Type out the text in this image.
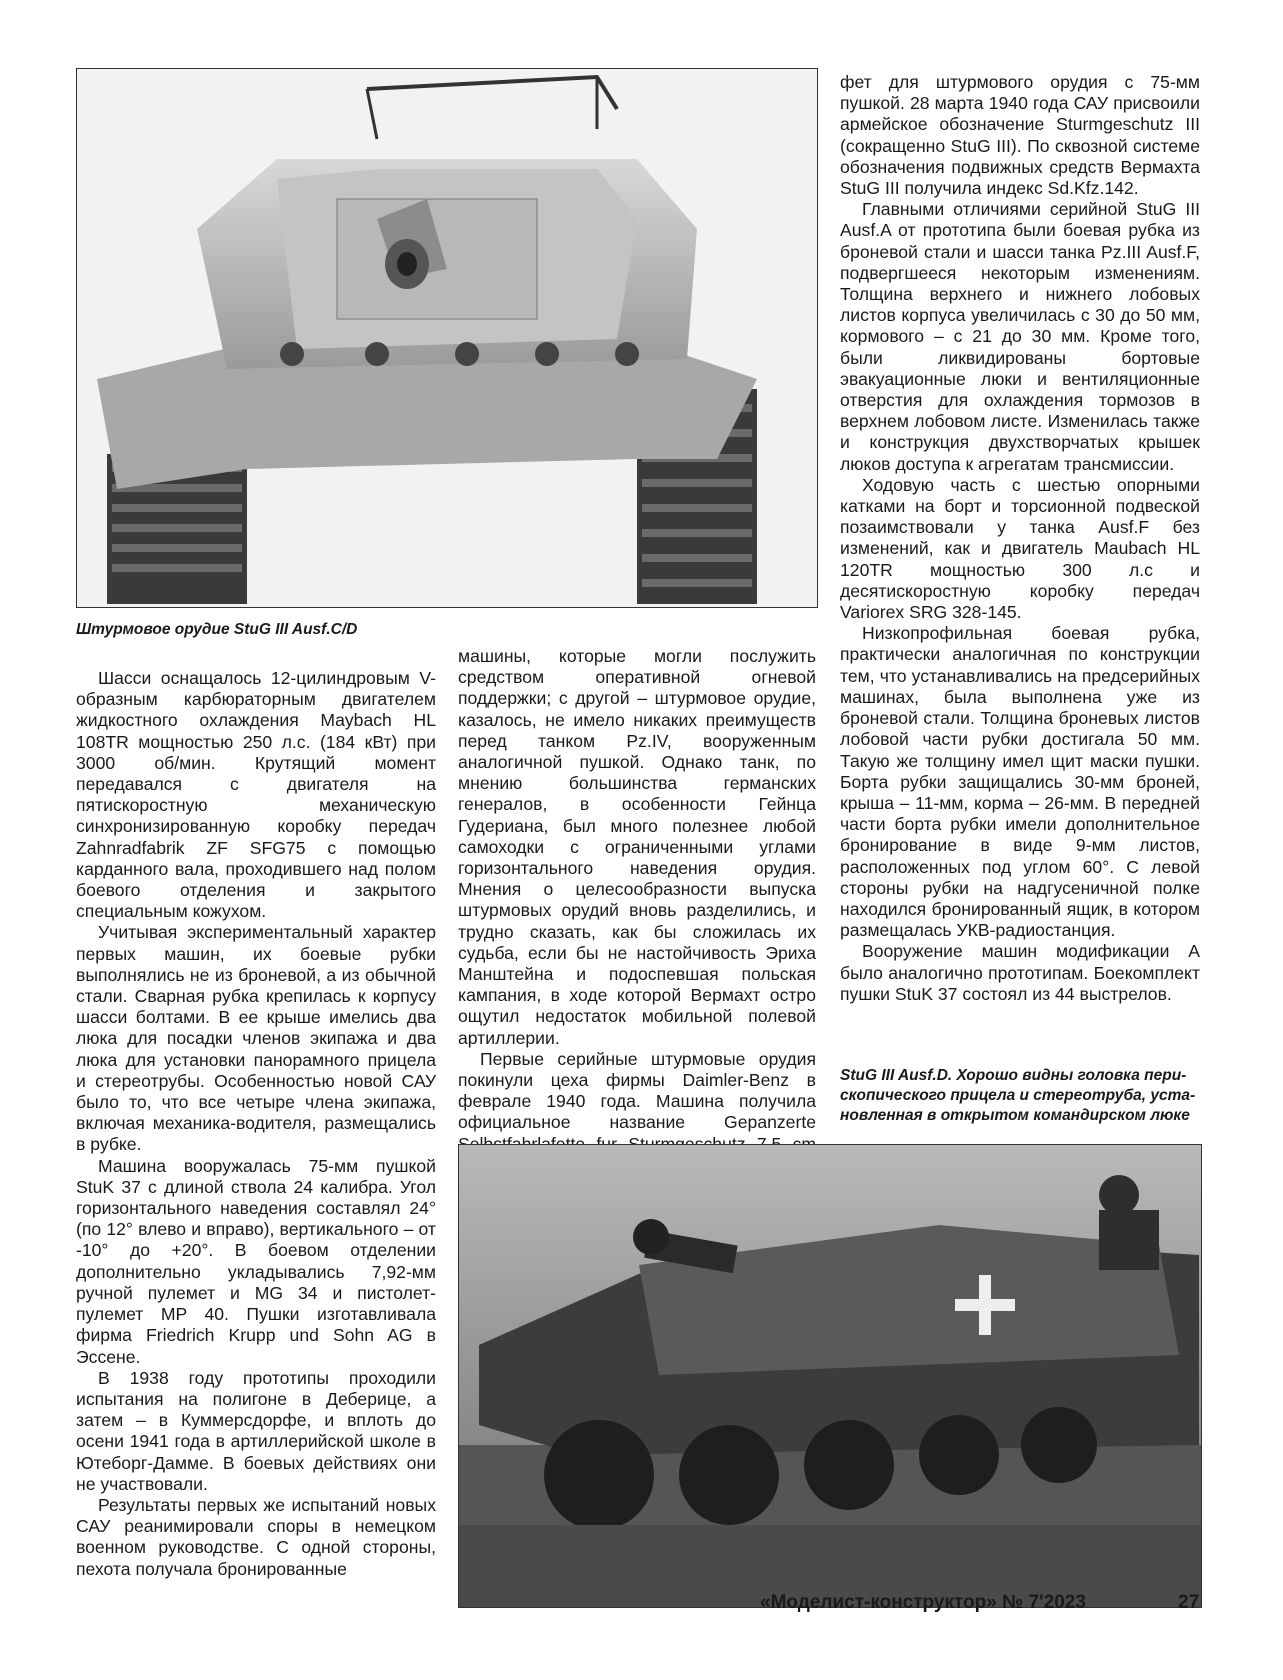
Штурмовое орудие StuG III Ausf.C/D

Шасси оснащалось 12-цилиндровым V-образным карбюраторным двигателем жидкостного охлаждения Maybach HL 108TR мощностью 250 л.с. (184 кВт) при 3000 об/мин. Крутящий момент передавался с двигателя на пятискоростную механическую синхронизированную коробку передач Zahnradfabrik ZF SFG75 с помощью карданного вала, проходившего над полом боевого отделения и закрытого специальным кожухом.

Учитывая экспериментальный характер первых машин, их боевые рубки выполнялись не из броневой, а из обычной стали. Сварная рубка крепилась к корпусу шасси болтами. В ее крыше имелись два люка для посадки членов экипажа и два люка для установки панорамного прицела и стереотрубы. Особенностью новой САУ было то, что все четыре члена экипажа, включая механика-водителя, размещались в рубке.

Машина вооружалась 75-мм пушкой StuK 37 с длиной ствола 24 калибра. Угол горизонтального наведения составлял 24° (по 12° влево и вправо), вертикального – от -10° до +20°. В боевом отделении дополнительно укладывались 7,92-мм ручной пулемет и MG 34 и пистолет-пулемет MP 40. Пушки изготавливала фирма Friedrich Krupp und Sohn AG в Эссене.

В 1938 году прототипы проходили испытания на полигоне в Деберице, а затем – в Куммерсдорфе, и вплоть до осени 1941 года в артиллерийской школе в Ютеборг-Дамме. В боевых действиях они не участвовали.

Результаты первых же испытаний новых САУ реанимировали споры в немецком военном руководстве. С одной стороны, пехота получала бронированные

машины, которые могли послужить средством оперативной огневой поддержки; с другой – штурмовое орудие, казалось, не имело никаких преимуществ перед танком Pz.IV, вооруженным аналогичной пушкой. Однако танк, по мнению большинства германских генералов, в особенности Гейнца Гудериана, был много полезнее любой самоходки с ограниченными углами горизонтального наведения орудия. Мнения о целесообразности выпуска штурмовых орудий вновь разделились, и трудно сказать, как бы сложилась их судьба, если бы не настойчивость Эриха Манштейна и подоспевшая польская кампания, в ходе которой Вермахт остро ощутил недостаток мобильной полевой артиллерии.

Первые серийные штурмовые орудия покинули цеха фирмы Daimler-Benz в феврале 1940 года. Машина получила официальное название Gepanzerte

фет для штурмового орудия с 75-мм пушкой. 28 марта 1940 года САУ присвоили армейское обозначение Sturmgeschutz III (сокращенно StuG III). По сквозной системе обозначения подвижных средств Вермахта StuG III получила индекс Sd.Kfz.142.

Главными отличиями серийной StuG III Ausf.A от прототипа были боевая рубка из броневой стали и шасси танка Pz.III Ausf.F, подвергшееся некоторым изменениям. Толщина верхнего и нижнего лобовых листов корпуса увеличилась с 30 до 50 мм, кормового – с 21 до 30 мм. Кроме того, были ликвидированы бортовые эвакуационные люки и вентиляционные отверстия для охлаждения тормозов в верхнем лобовом листе. Изменилась также и конструкция двухстворчатых крышек люков доступа к агрегатам трансмиссии.

Ходовую часть с шестью опорными катками на борт и торсионной подвеской позаимствовали у танка Ausf.F без изменений, как и двигатель Maubach HL 120TR мощностью 300 л.с и десятискоростную коробку передач Variorex SRG 328-145.

Низкопрофильная боевая рубка, практически аналогичная по конструкции тем, что устанавливались на предсерийных машинах, была выполнена уже из броневой стали. Толщина броневых листов лобовой части рубки достигала 50 мм. Такую же толщину имел щит маски пушки. Борта рубки защищались 30-мм броней, крыша – 11-мм, корма – 26-мм. В передней части борта рубки имели дополнительное бронирование в виде 9-мм листов, расположенных под углом 60°. С левой стороны рубки на надгусеничной полке находился бронированный ящик, в котором размещалась УКВ-радиостанция.

Вооружение машин модификации А было аналогично прототипам. Боекомплект пушки StuK 37 состоял из 44 выстрелов.

StuG III Ausf.D. Хорошо видны головка пери-
скопического прицела и стереотруба, уста-
новленная в открытом командирском люке
«Моделист-конструктор» № 7'2023	27
